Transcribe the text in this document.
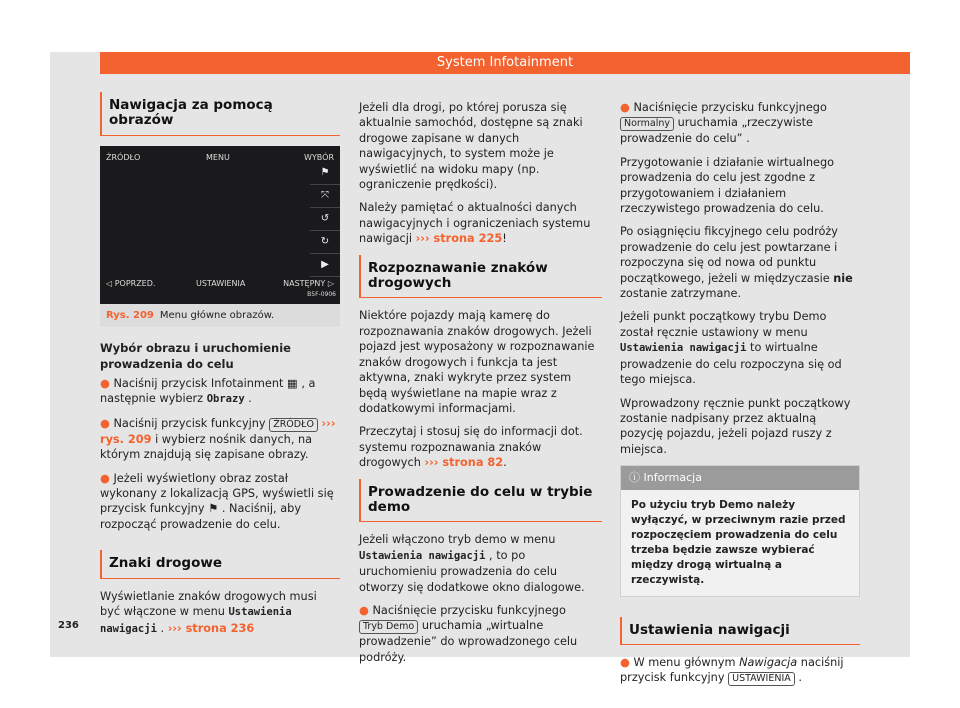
System Infotainment
Nawigacja za pomocą obrazów
ŹRÓDŁO	MENU	WYBÓR
⚑
⤧
↺
↻
▶
◁ POPRZED.	USTAWIENIA	NASTĘPNY ▷
B5F-0906
Rys. 209 Menu główne obrazów.
Wybór obrazu i uruchomienie prowadzenia do celu

● Naciśnij przycisk Infotainment ▦ , a następnie wybierz Obrazy .

● Naciśnij przycisk funkcyjny ŹRÓDŁO ››› rys. 209 i wybierz nośnik danych, na którym znajdują się zapisane obrazy.

● Jeżeli wyświetlony obraz został wykonany z lokalizacją GPS, wyświetli się przycisk funkcyjny ⚑ . Naciśnij, aby rozpocząć prowadzenie do celu.

Znaki drogowe

Wyświetlanie znaków drogowych musi być włączone w menu Ustawienia nawigacji . ››› strona 236

Jeżeli dla drogi, po której porusza się aktualnie samochód, dostępne są znaki drogowe zapisane w danych nawigacyjnych, to system może je wyświetlić na widoku mapy (np. ograniczenie prędkości).

Należy pamiętać o aktualności danych nawigacyjnych i ograniczeniach systemu nawigacji ››› strona 225!

Rozpoznawanie znaków drogowych

Niektóre pojazdy mają kamerę do rozpoznawania znaków drogowych. Jeżeli pojazd jest wyposażony w rozpoznawanie znaków drogowych i funkcja ta jest aktywna, znaki wykryte przez system będą wyświetlane na mapie wraz z dodatkowymi informacjami.

Przeczytaj i stosuj się do informacji dot. systemu rozpoznawania znaków drogowych ››› strona 82.

Prowadzenie do celu w trybie demo

Jeżeli włączono tryb demo w menu Ustawienia nawigacji , to po uruchomieniu prowadzenia do celu otworzy się dodatkowe okno dialogowe.

● Naciśnięcie przycisku funkcyjnego Tryb Demo uruchamia „wirtualne prowadzenie” do wprowadzonego celu podróży.

● Naciśnięcie przycisku funkcyjnego Normalny uruchamia „rzeczywiste prowadzenie do celu” .

Przygotowanie i działanie wirtualnego prowadzenia do celu jest zgodne z przygotowaniem i działaniem rzeczywistego prowadzenia do celu.

Po osiągnięciu fikcyjnego celu podróży prowadzenie do celu jest powtarzane i rozpoczyna się od nowa od punktu początkowego, jeżeli w międzyczasie nie zostanie zatrzymane.

Jeżeli punkt początkowy trybu Demo został ręcznie ustawiony w menu Ustawienia nawigacji to wirtualne prowadzenie do celu rozpoczyna się od tego miejsca.

Wprowadzony ręcznie punkt początkowy zostanie nadpisany przez aktualną pozycję pojazdu, jeżeli pojazd ruszy z miejsca.

ⓘ Informacja
Po użyciu tryb Demo należy wyłączyć, w przeciwnym razie przed rozpoczęciem prowadzenia do celu trzeba będzie zawsze wybierać między drogą wirtualną a rzeczywistą.
Ustawienia nawigacji

● W menu głównym Nawigacja naciśnij przycisk funkcyjny USTAWIENIA .

236
